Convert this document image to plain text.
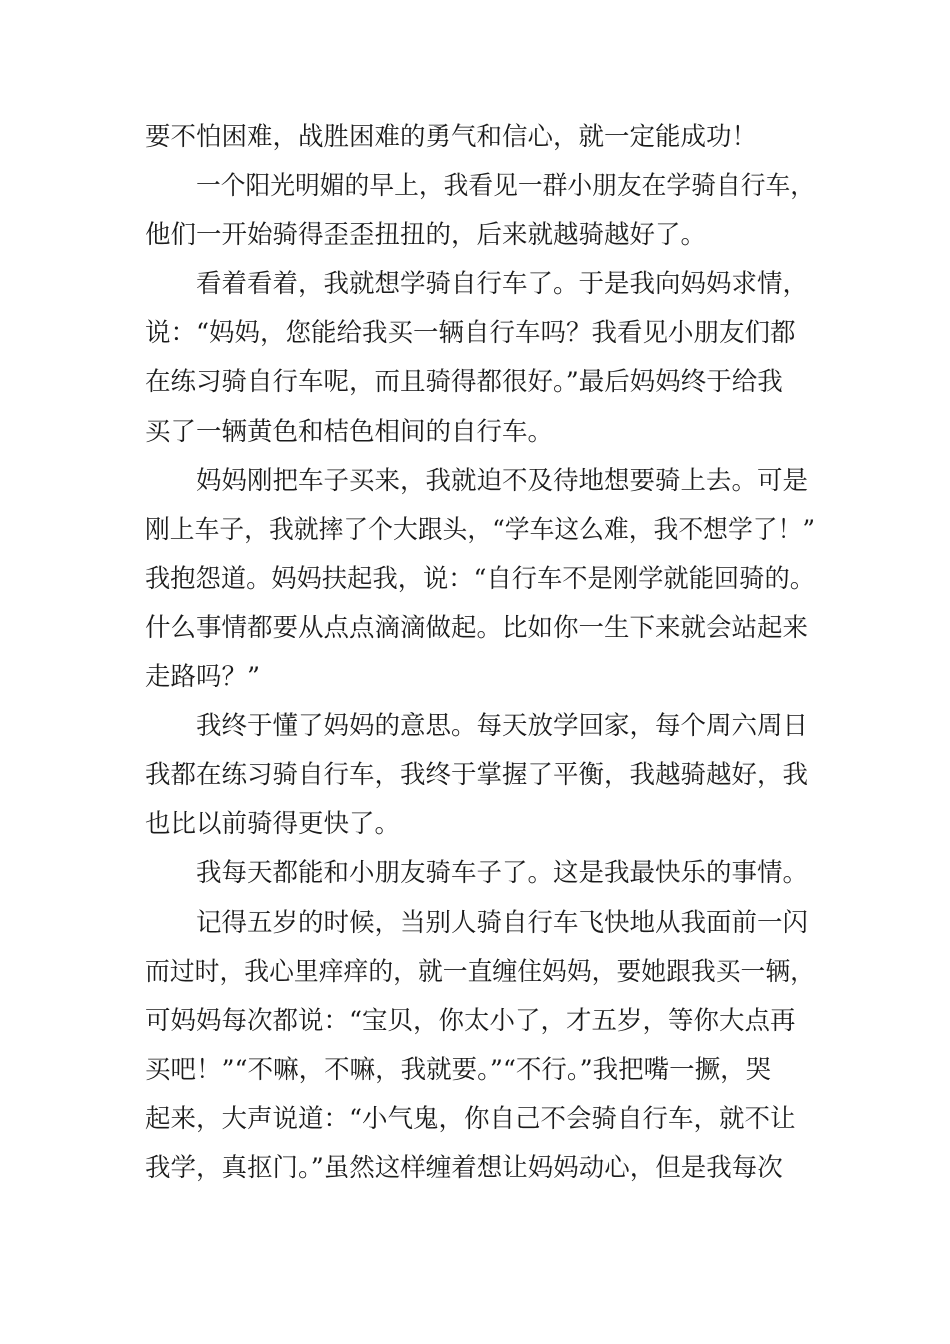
要不怕困难，战胜困难的勇气和信心，就一定能成功！
一个阳光明媚的早上，我看见一群小朋友在学骑自行车，
他们一开始骑得歪歪扭扭的，后来就越骑越好了。
看着看着，我就想学骑自行车了。于是我向妈妈求情，
说：“妈妈，您能给我买一辆自行车吗？我看见小朋友们都
在练习骑自行车呢，而且骑得都很好。”最后妈妈终于给我
买了一辆黄色和桔色相间的自行车。
妈妈刚把车子买来，我就迫不及待地想要骑上去。可是
刚上车子，我就摔了个大跟头，“学车这么难，我不想学了！”
我抱怨道。妈妈扶起我，说：“自行车不是刚学就能回骑的。
什么事情都要从点点滴滴做起。比如你一生下来就会站起来
走路吗？”
我终于懂了妈妈的意思。每天放学回家，每个周六周日
我都在练习骑自行车，我终于掌握了平衡，我越骑越好，我
也比以前骑得更快了。
我每天都能和小朋友骑车子了。这是我最快乐的事情。
记得五岁的时候，当别人骑自行车飞快地从我面前一闪
而过时，我心里痒痒的，就一直缠住妈妈，要她跟我买一辆，
可妈妈每次都说：“宝贝，你太小了，才五岁，等你大点再
买吧！”“不嘛，不嘛，我就要。”“不行。”我把嘴一撅，哭
起来，大声说道：“小气鬼，你自己不会骑自行车，就不让
我学，真抠门。”虽然这样缠着想让妈妈动心，但是我每次
